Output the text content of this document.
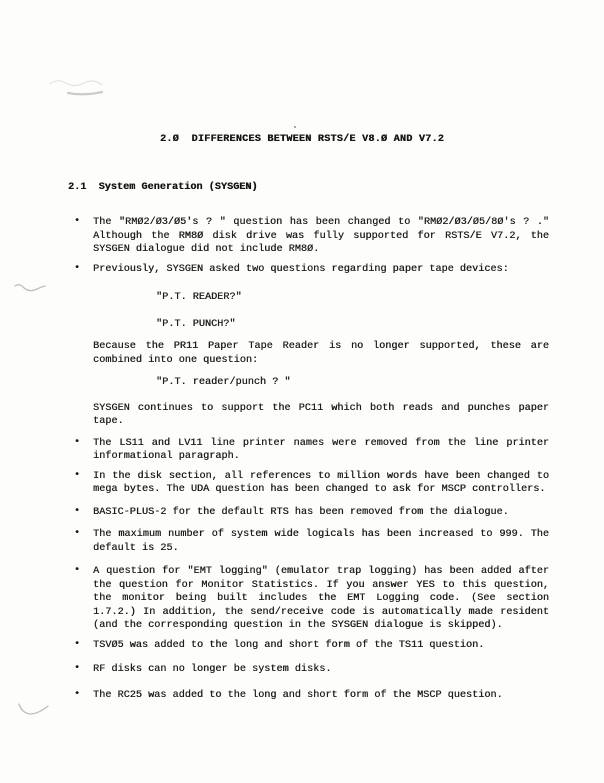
2.Ø  DIFFERENCES BETWEEN RSTS/E V8.Ø AND V7.2
2.1  System Generation (SYSGEN)

• The "RMØ2/Ø3/Ø5's ? " question has been changed to "RMØ2/Ø3/Ø5/8Ø's ? ." Although the RM8Ø disk drive was fully supported for RSTS/E V7.2, the SYSGEN dialogue did not include RM8Ø.

• Previously, SYSGEN asked two questions regarding paper tape devices:

"P.T. READER?"

"P.T. PUNCH?"

Because the PR11 Paper Tape Reader is no longer supported, these are combined into one question:

"P.T. reader/punch ? "

SYSGEN continues to support the PC11 which both reads and punches paper tape.

• The LS11 and LV11 line printer names were removed from the line printer informational paragraph.

• In the disk section, all references to million words have been changed to mega bytes. The UDA question has been changed to ask for MSCP controllers.

• BASIC-PLUS-2 for the default RTS has been removed from the dialogue.

• The maximum number of system wide logicals has been increased to 999. The default is 25.

• A question for "EMT logging" (emulator trap logging) has been added after the question for Monitor Statistics. If you answer YES to this question, the monitor being built includes the EMT Logging code. (See section 1.7.2.) In addition, the send/receive code is automatically made resident (and the corresponding question in the SYSGEN dialogue is skipped).

• TSVØ5 was added to the long and short form of the TS11 question.

• RF disks can no longer be system disks.

• The RC25 was added to the long and short form of the MSCP question.
